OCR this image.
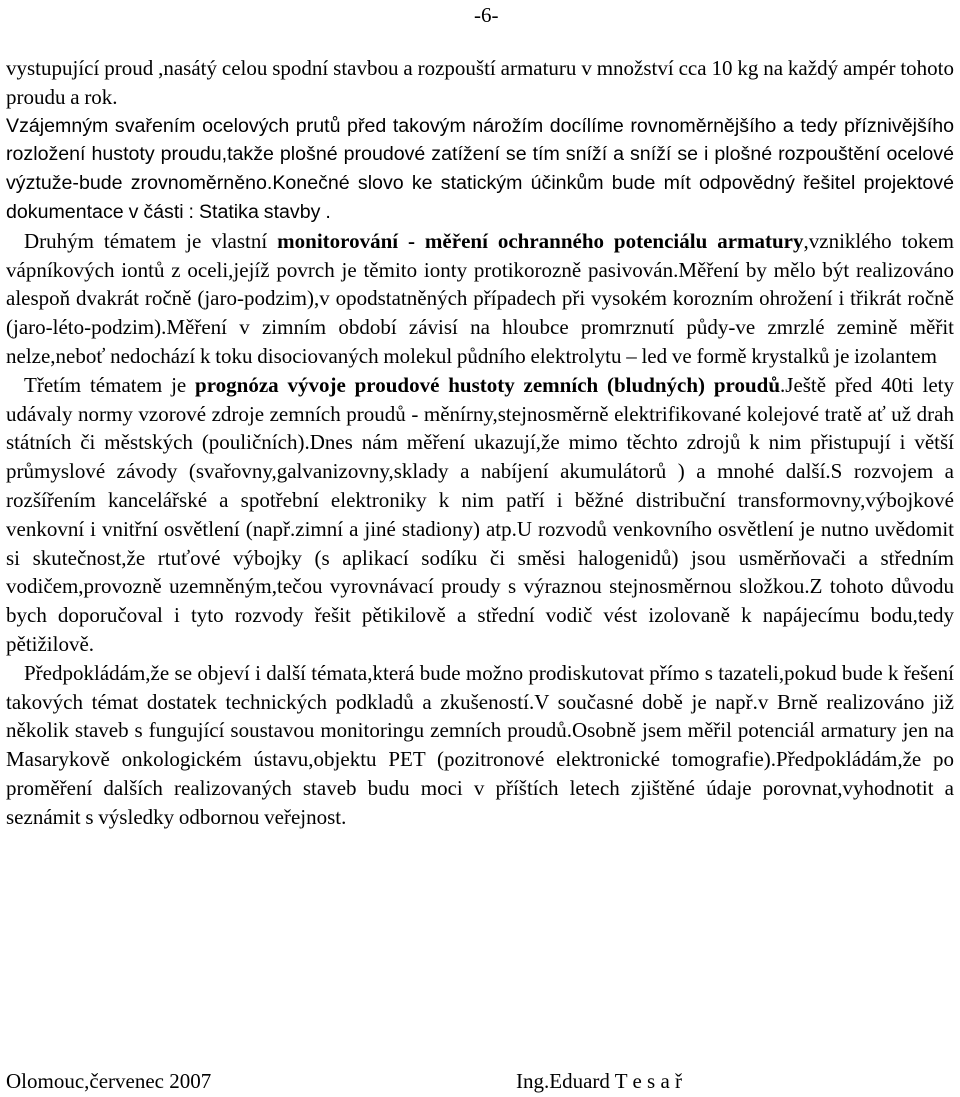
-6-

vystupující proud ,nasátý celou spodní stavbou a rozpouští armaturu v množství cca 10 kg na každý ampér tohoto proudu a rok.

Vzájemným svařením ocelových prutů před takovým nárožím docílíme rovnoměrnějšího a tedy příznivějšího rozložení hustoty proudu,takže plošné proudové zatížení se tím sníží a sníží se i plošné rozpouštění ocelové výztuže-bude zrovnoměrněno.Konečné slovo ke statickým účinkům bude mít odpovědný řešitel projektové dokumentace v části : Statika stavby .

Druhým tématem je vlastní monitorování - měření ochranného potenciálu armatury,vzniklého tokem vápníkových iontů z oceli,jejíž povrch je těmito ionty protikorozně pasivován.Měření by mělo být realizováno alespoň dvakrát ročně (jaro-podzim),v opodstatněných případech při vysokém korozním ohrožení i třikrát ročně (jaro-léto-podzim).Měření v zimním období závisí na hloubce promrznutí půdy-ve zmrzlé zemině měřit nelze,neboť nedochází k toku disociovaných molekul půdního elektrolytu – led ve formě krystalků je izolantem

Třetím tématem je prognóza vývoje proudové hustoty zemních (bludných) proudů.Ještě před 40ti lety udávaly normy vzorové zdroje zemních proudů - měnírny,stejnosměrně elektrifikované kolejové tratě ať už drah státních či městských (pouličních).Dnes nám měření ukazují,že mimo těchto zdrojů k nim přistupují i větší průmyslové závody (svařovny,galvanizovny,sklady a nabíjení akumulátorů ) a mnohé další.S rozvojem a rozšířením kancelářské a spotřební elektroniky k nim patří i běžné distribuční transformovny,výbojkové venkovní i vnitřní osvětlení (např.zimní a jiné stadiony) atp.U rozvodů venkovního osvětlení je nutno uvědomit si skutečnost,že rtuťové výbojky (s aplikací sodíku či směsi halogenidů) jsou usměrňovači a středním vodičem,provozně uzemněným,tečou vyrovnávací proudy s výraznou stejnosměrnou složkou.Z tohoto důvodu bych doporučoval i tyto rozvody řešit pětikilově a střední vodič vést izolovaně k napájecímu bodu,tedy pětižilově.

Předpokládám,že se objeví i další témata,která bude možno prodiskutovat přímo s tazateli,pokud bude k řešení takových témat dostatek technických podkladů a zkušeností.V současné době je např.v Brně realizováno již několik staveb s fungující soustavou monitoringu zemních proudů.Osobně jsem měřil potenciál armatury jen na Masarykově onkologickém ústavu,objektu PET (pozitronové elektronické tomografie).Předpokládám,že po proměření dalších realizovaných staveb budu moci v příštích letech zjištěné údaje porovnat,vyhodnotit a seznámit s výsledky odbornou veřejnost.

Olomouc,červenec 2007	Ing.Eduard T e s a ř
